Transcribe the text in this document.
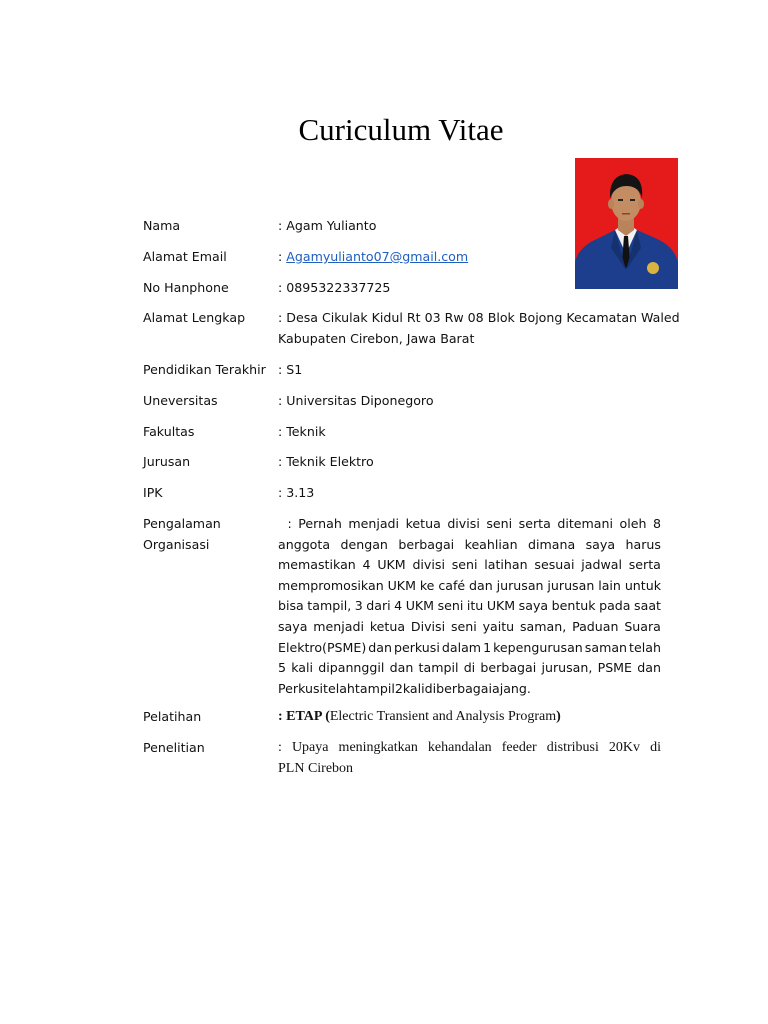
Curiculum Vitae
Nama	: Agam Yulianto
Alamat Email	: Agamyulianto07@gmail.com
No Hanphone	: 0895322337725
Alamat Lengkap	: Desa Cikulak Kidul Rt 03 Rw 08 Blok Bojong Kecamatan Waled
Kabupaten Cirebon, Jawa Barat
Pendidikan Terakhir : S1
Uneversitas	: Universitas Diponegoro
Fakultas	: Teknik
Jurusan	: Teknik Elektro
IPK	: 3.13
Pengalaman Organisasi
: Pernah menjadi ketua divisi seni serta ditemani oleh 8
anggota dengan berbagai keahlian dimana saya harus
memastikan 4 UKM divisi seni latihan sesuai jadwal serta
mempromosikan UKM ke café dan jurusan jurusan lain untuk
bisa tampil, 3 dari 4 UKM seni itu UKM saya bentuk pada saat
saya menjadi ketua Divisi seni yaitu saman, Paduan Suara
Elektro(PSME) dan perkusi dalam 1 kepengurusan saman telah
5 kali dipannggil dan tampil di berbagai jurusan, PSME dan
Perkusi telah tampil 2 kali diberbagai ajang.
Pelatihan	: ETAP (Electric Transient and Analysis Program)
Penelitian	: Upaya meningkatkan kehandalan feeder distribusi 20Kv di
PLN Cirebon
